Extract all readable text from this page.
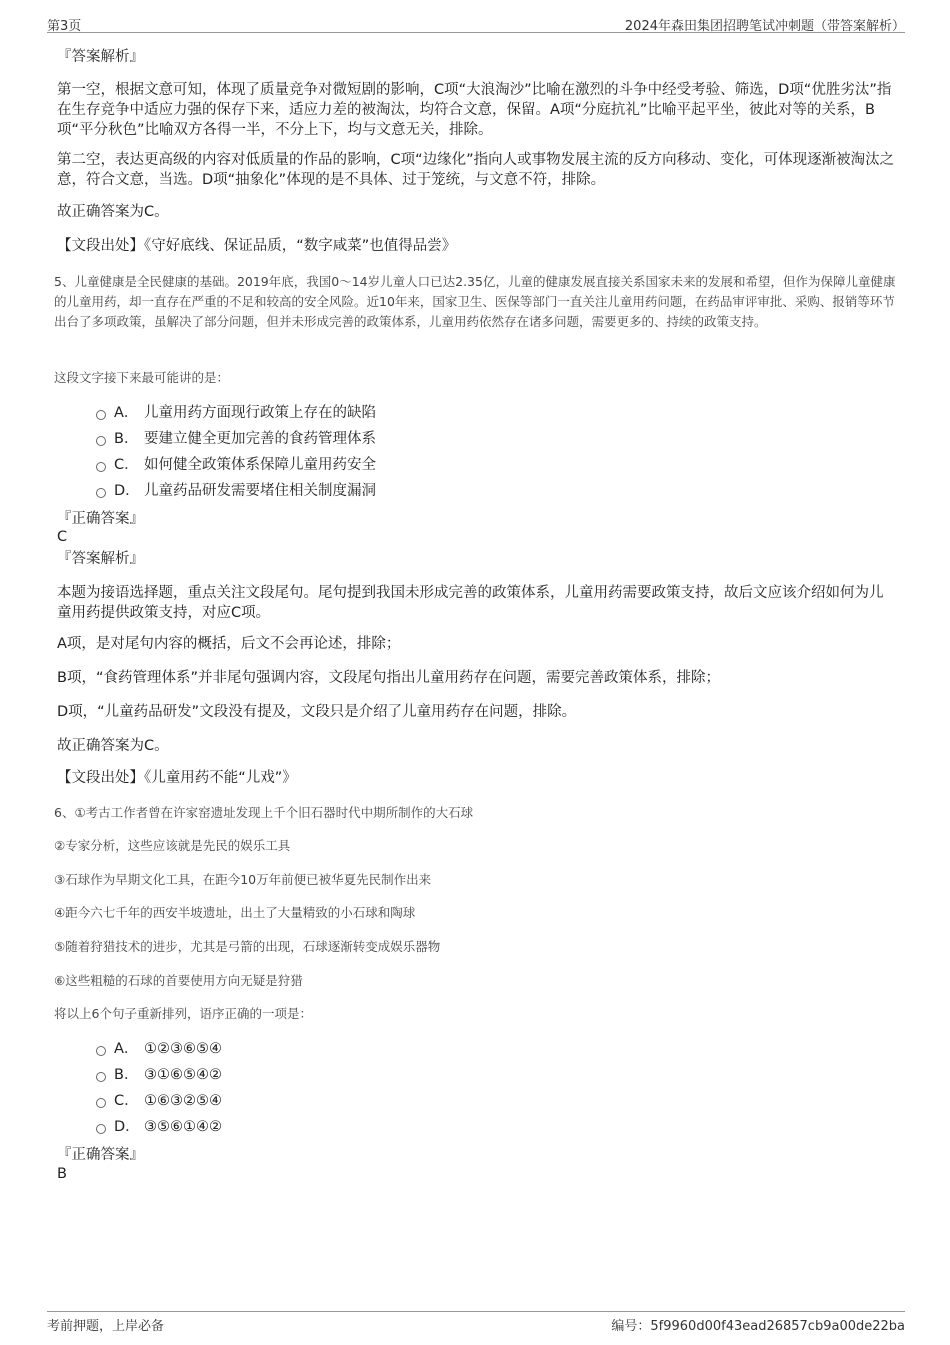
第3页	2024年森田集团招聘笔试冲刺题（带答案解析）
『答案解析』
第一空，根据文意可知，体现了质量竞争对微短剧的影响，C项“大浪淘沙”比喻在激烈的斗争中经受考验、筛选，D项“优胜劣汰”指在生存竞争中适应力强的保存下来，适应力差的被淘汰，均符合文意，保留。A项“分庭抗礼”比喻平起平坐，彼此对等的关系，B项“平分秋色”比喻双方各得一半，不分上下，均与文意无关，排除。
第二空，表达更高级的内容对低质量的作品的影响，C项“边缘化”指向人或事物发展主流的反方向移动、变化，可体现逐渐被淘汰之意，符合文意，当选。D项“抽象化”体现的是不具体、过于笼统，与文意不符，排除。
故正确答案为C。
【文段出处】《守好底线、保证品质，“数字咸菜”也值得品尝》
5、儿童健康是全民健康的基础。2019年底，我国0～14岁儿童人口已达2.35亿，儿童的健康发展直接关系国家未来的发展和希望，但作为保障儿童健康的儿童用药，却一直存在严重的不足和较高的安全风险。近10年来，国家卫生、医保等部门一直关注儿童用药问题，在药品审评审批、采购、报销等环节出台了多项政策，虽解决了部分问题，但并未形成完善的政策体系，儿童用药依然存在诸多问题，需要更多的、持续的政策支持。
这段文字接下来最可能讲的是：
A． 儿童用药方面现行政策上存在的缺陷
B． 要建立健全更加完善的食药管理体系
C． 如何健全政策体系保障儿童用药安全
D． 儿童药品研发需要堵住相关制度漏洞
『正确答案』
C
『答案解析』
本题为接语选择题，重点关注文段尾句。尾句提到我国未形成完善的政策体系，儿童用药需要政策支持，故后文应该介绍如何为儿童用药提供政策支持，对应C项。
A项，是对尾句内容的概括，后文不会再论述，排除；
B项，“食药管理体系”并非尾句强调内容，文段尾句指出儿童用药存在问题，需要完善政策体系，排除；
D项，“儿童药品研发”文段没有提及，文段只是介绍了儿童用药存在问题，排除。
故正确答案为C。
【文段出处】《儿童用药不能“儿戏”》
6、①考古工作者曾在许家窑遗址发现上千个旧石器时代中期所制作的大石球
②专家分析，这些应该就是先民的娱乐工具
③石球作为早期文化工具，在距今10万年前便已被华夏先民制作出来
④距今六七千年的西安半坡遗址，出土了大量精致的小石球和陶球
⑤随着狩猎技术的进步，尤其是弓箭的出现，石球逐渐转变成娱乐器物
⑥这些粗糙的石球的首要使用方向无疑是狩猎
将以上6个句子重新排列，语序正确的一项是：
A． ①②③⑥⑤④
B． ③①⑥⑤④②
C． ①⑥③②⑤④
D． ③⑤⑥①④②
『正确答案』
B
考前押题，上岸必备	编号：5f9960d00f43ead26857cb9a00de22ba
